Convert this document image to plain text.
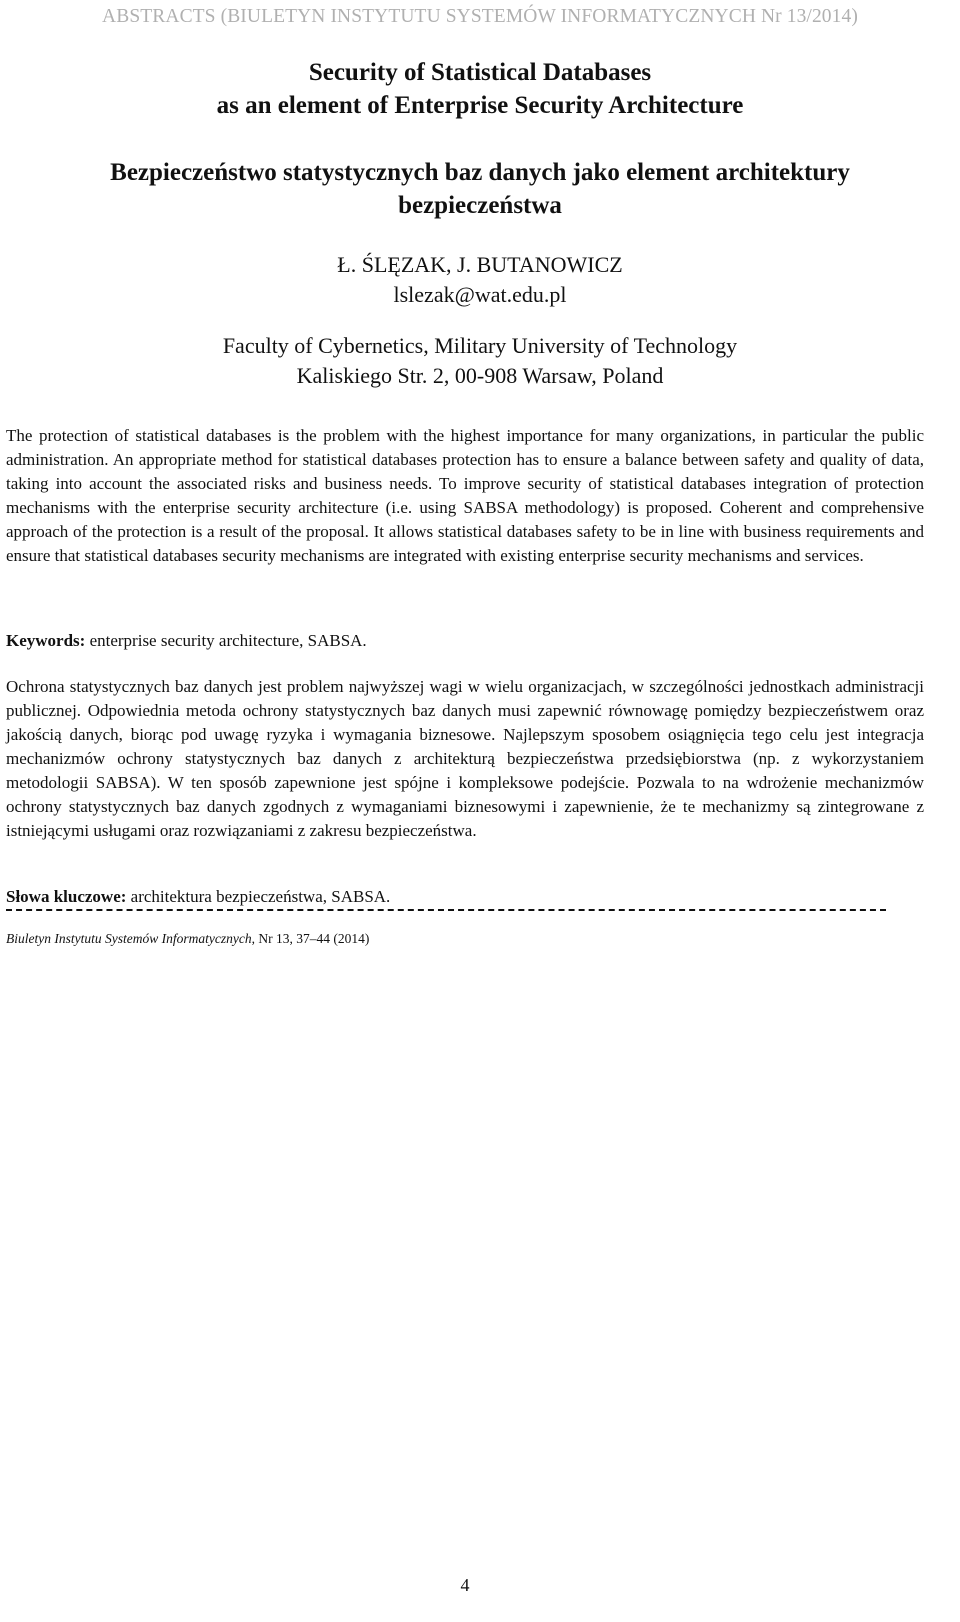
ABSTRACTS (BIULETYN INSTYTUTU SYSTEMÓW INFORMATYCZNYCH Nr 13/2014)
Security of Statistical Databases
as an element of Enterprise Security Architecture
Bezpieczeństwo statystycznych baz danych jako element architektury
bezpieczeństwa
Ł. ŚLĘZAK, J. BUTANOWICZ
lslezak@wat.edu.pl
Faculty of Cybernetics, Military University of Technology
Kaliskiego Str. 2, 00-908 Warsaw, Poland

The protection of statistical databases is the problem with the highest importance for many organizations, in particular the public administration. An appropriate method for statistical databases protection has to ensure a balance between safety and quality of data, taking into account the associated risks and business needs. To improve security of statistical databases integration of protection mechanisms with the enterprise security architecture (i.e. using SABSA methodology) is proposed. Coherent and comprehensive approach of the protection is a result of the proposal. It allows statistical databases safety to be in line with business requirements and ensure that statistical databases security mechanisms are integrated with existing enterprise security mechanisms and services.

Keywords: enterprise security architecture, SABSA.

Ochrona statystycznych baz danych jest problem najwyższej wagi w wielu organizacjach, w szczególności jednostkach administracji publicznej. Odpowiednia metoda ochrony statystycznych baz danych musi zapewnić równowagę pomiędzy bezpieczeństwem oraz jakością danych, biorąc pod uwagę ryzyka i wymagania biznesowe. Najlepszym sposobem osiągnięcia tego celu jest integracja mechanizmów ochrony statystycznych baz danych z architekturą bezpieczeństwa przedsiębiorstwa (np. z wykorzystaniem metodologii SABSA). W ten sposób zapewnione jest spójne i kompleksowe podejście. Pozwala to na wdrożenie mechanizmów ochrony statystycznych baz danych zgodnych z wymaganiami biznesowymi i zapewnienie, że te mechanizmy są zintegrowane z istniejącymi usługami oraz rozwiązaniami z zakresu bezpieczeństwa.

Słowa kluczowe: architektura bezpieczeństwa, SABSA.

Biuletyn Instytutu Systemów Informatycznych, Nr 13, 37–44 (2014)
4
